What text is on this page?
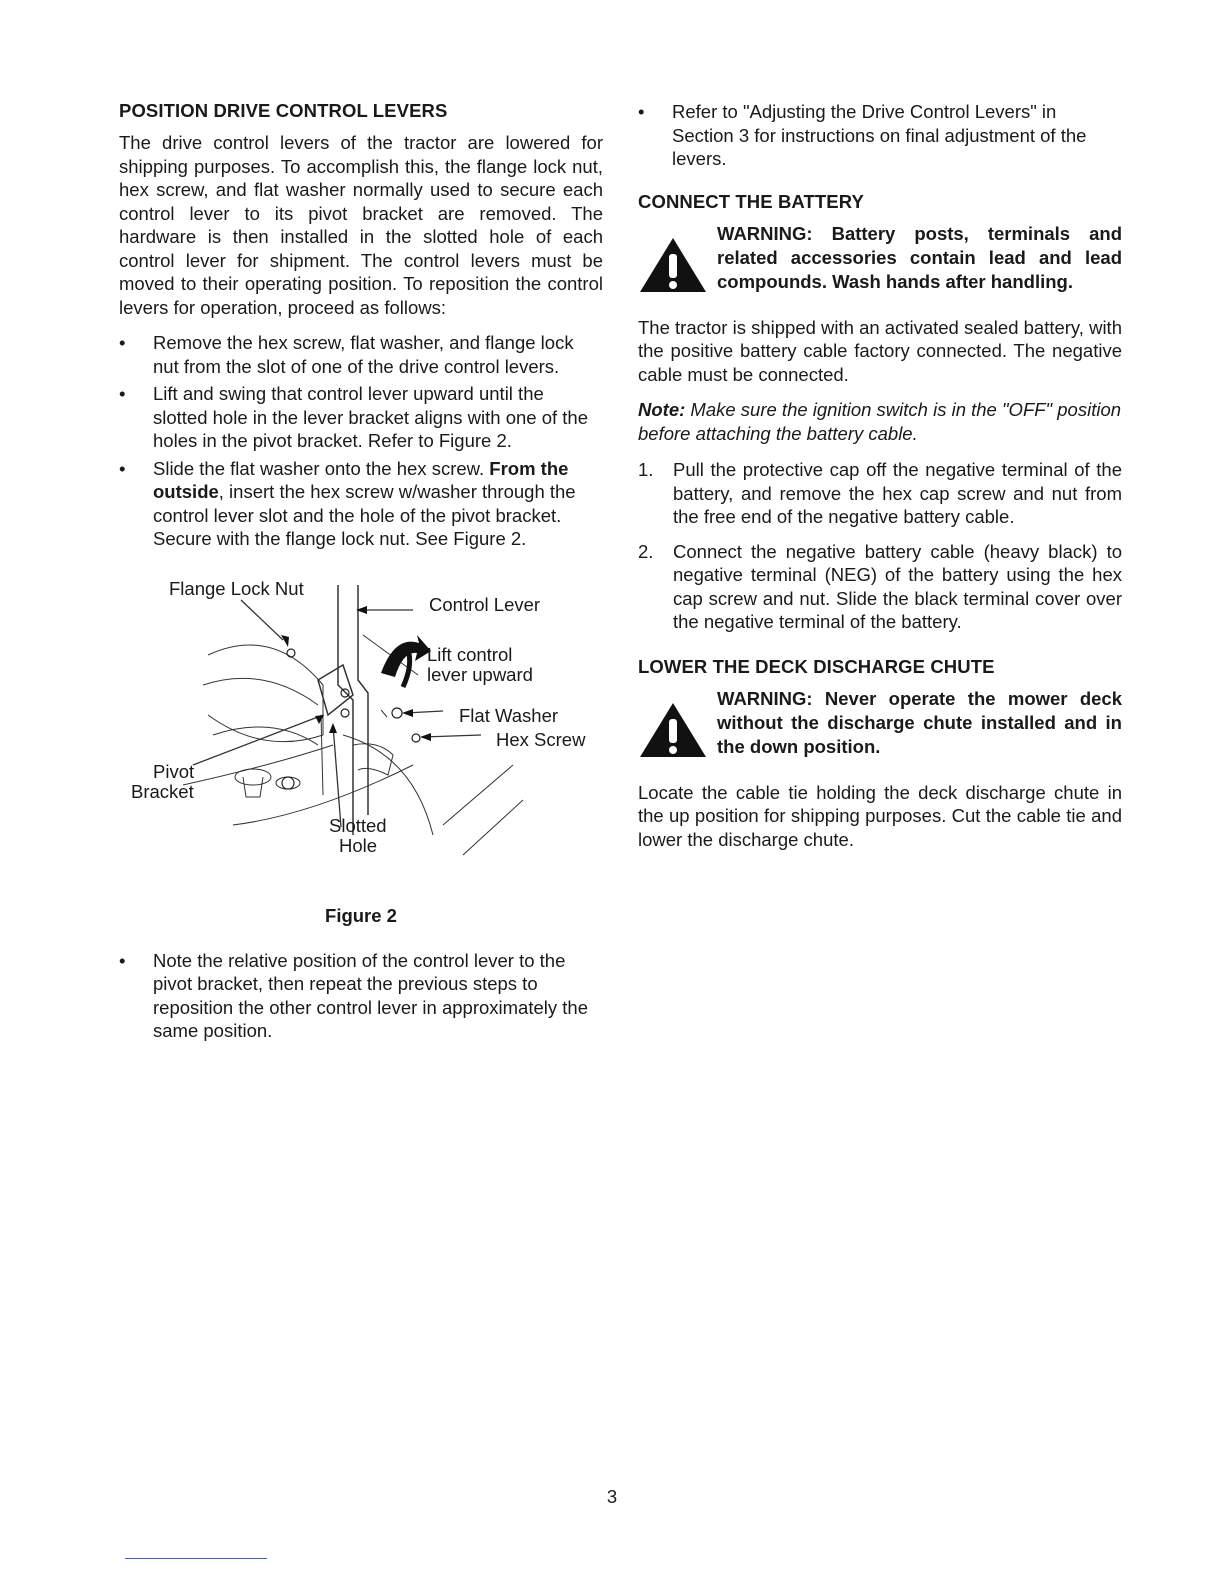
POSITION DRIVE CONTROL LEVERS

The drive control levers of the tractor are lowered for shipping purposes. To accomplish this, the flange lock nut, hex screw, and flat washer normally used to secure each control lever to its pivot bracket are removed. The hardware is then installed in the slotted hole of each control lever for shipment. The control levers must be moved to their operating position. To reposition the control levers for operation, proceed as follows:

•	Remove the hex screw, flat washer, and flange lock nut from the slot of one of the drive control levers.
•	Lift and swing that control lever upward until the slotted hole in the lever bracket aligns with one of the holes in the pivot bracket. Refer to Figure 2.
•	Slide the flat washer onto the hex screw. From the outside, insert the hex screw w/washer through the control lever slot and the hole of the pivot bracket. Secure with the flange lock nut. See Figure 2.
Flange Lock Nut
Control Lever
Lift control
lever upward
Flat Washer
Hex Screw
Pivot
Bracket
Slotted
Hole
Figure 2
•	Note the relative position of the control lever to the pivot bracket, then repeat the previous steps to reposition the other control lever in approximately the same position.
•	Refer to "Adjusting the Drive Control Levers" in Section 3 for instructions on final adjustment of the levers.
CONNECT THE BATTERY
WARNING: Battery posts, terminals and related accessories contain lead and lead compounds. Wash hands after handling.

The tractor is shipped with an activated sealed battery, with the positive battery cable factory connected. The negative cable must be connected.

Note: Make sure the ignition switch is in the "OFF" position before attaching the battery cable.

1. Pull the protective cap off the negative terminal of the battery, and remove the hex cap screw and nut from the free end of the negative battery cable.
2. Connect the negative battery cable (heavy black) to negative terminal (NEG) of the battery using the hex cap screw and nut. Slide the black terminal cover over the negative terminal of the battery.
LOWER THE DECK DISCHARGE CHUTE
WARNING: Never operate the mower deck without the discharge chute installed and in the down position.

Locate the cable tie holding the deck discharge chute in the up position for shipping purposes. Cut the cable tie and lower the discharge chute.

3
